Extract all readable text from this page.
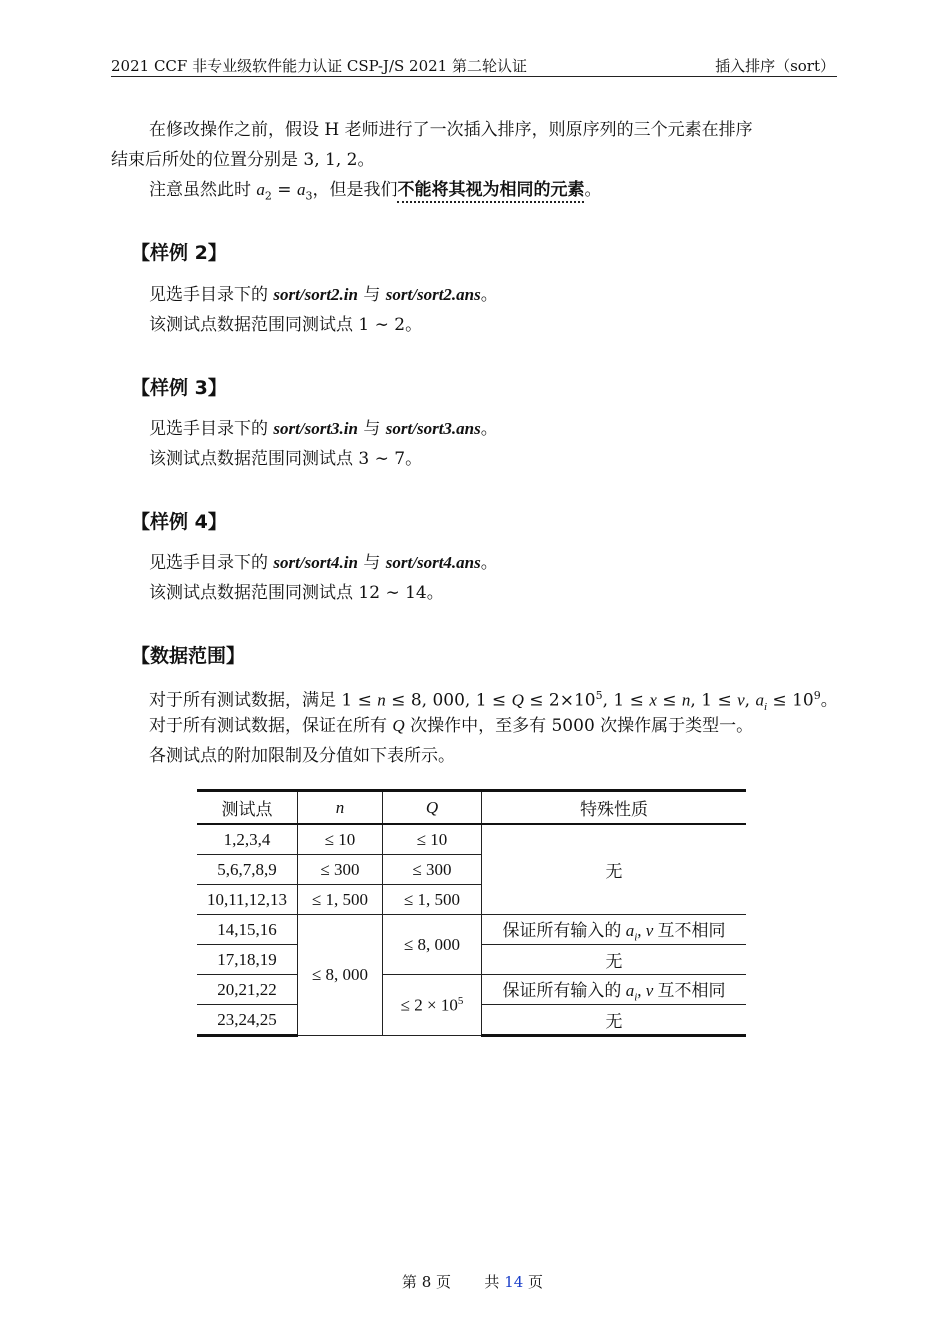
2021 CCF 非专业级软件能力认证 CSP-J/S 2021 第二轮认证	插入排序（sort）
在修改操作之前，假设 H 老师进行了一次插入排序，则原序列的三个元素在排序
结束后所处的位置分别是 3, 1, 2。
注意虽然此时 $a_2 = a_3$，但是我们不能将其视为相同的元素。
【样例 2】
见选手目录下的 sort/sort2.in 与 sort/sort2.ans。
该测试点数据范围同测试点 1 ∼ 2。
【样例 3】
见选手目录下的 sort/sort3.in 与 sort/sort3.ans。
该测试点数据范围同测试点 3 ∼ 7。
【样例 4】
见选手目录下的 sort/sort4.in 与 sort/sort4.ans。
该测试点数据范围同测试点 12 ∼ 14。
【数据范围】
对于所有测试数据，满足 1 ≤ n ≤ 8, 000, $1 \le Q \le 2\times 10^5$, 1 ≤ x ≤ n, 1 ≤ v, $a_i \le 10^9$。
对于所有测试数据，保证在所有 Q 次操作中，至多有 5000 次操作属于类型一。
各测试点的附加限制及分值如下表所示。
测试点	n	Q	特殊性质
1,2,3,4	≤ 10	≤ 10	无
5,6,7,8,9	≤ 300	≤ 300	
10,11,12,13	≤ 1, 500	≤ 1, 500	
14,15,16	≤ 8, 000	≤ 8, 000	保证所有输入的 $a_i$, v 互不相同
17,18,19			无
20,21,22		≤ $2 \times 10^5$	保证所有输入的 $a_i$, v 互不相同
23,24,25			无
第 8 页 共 14 页
